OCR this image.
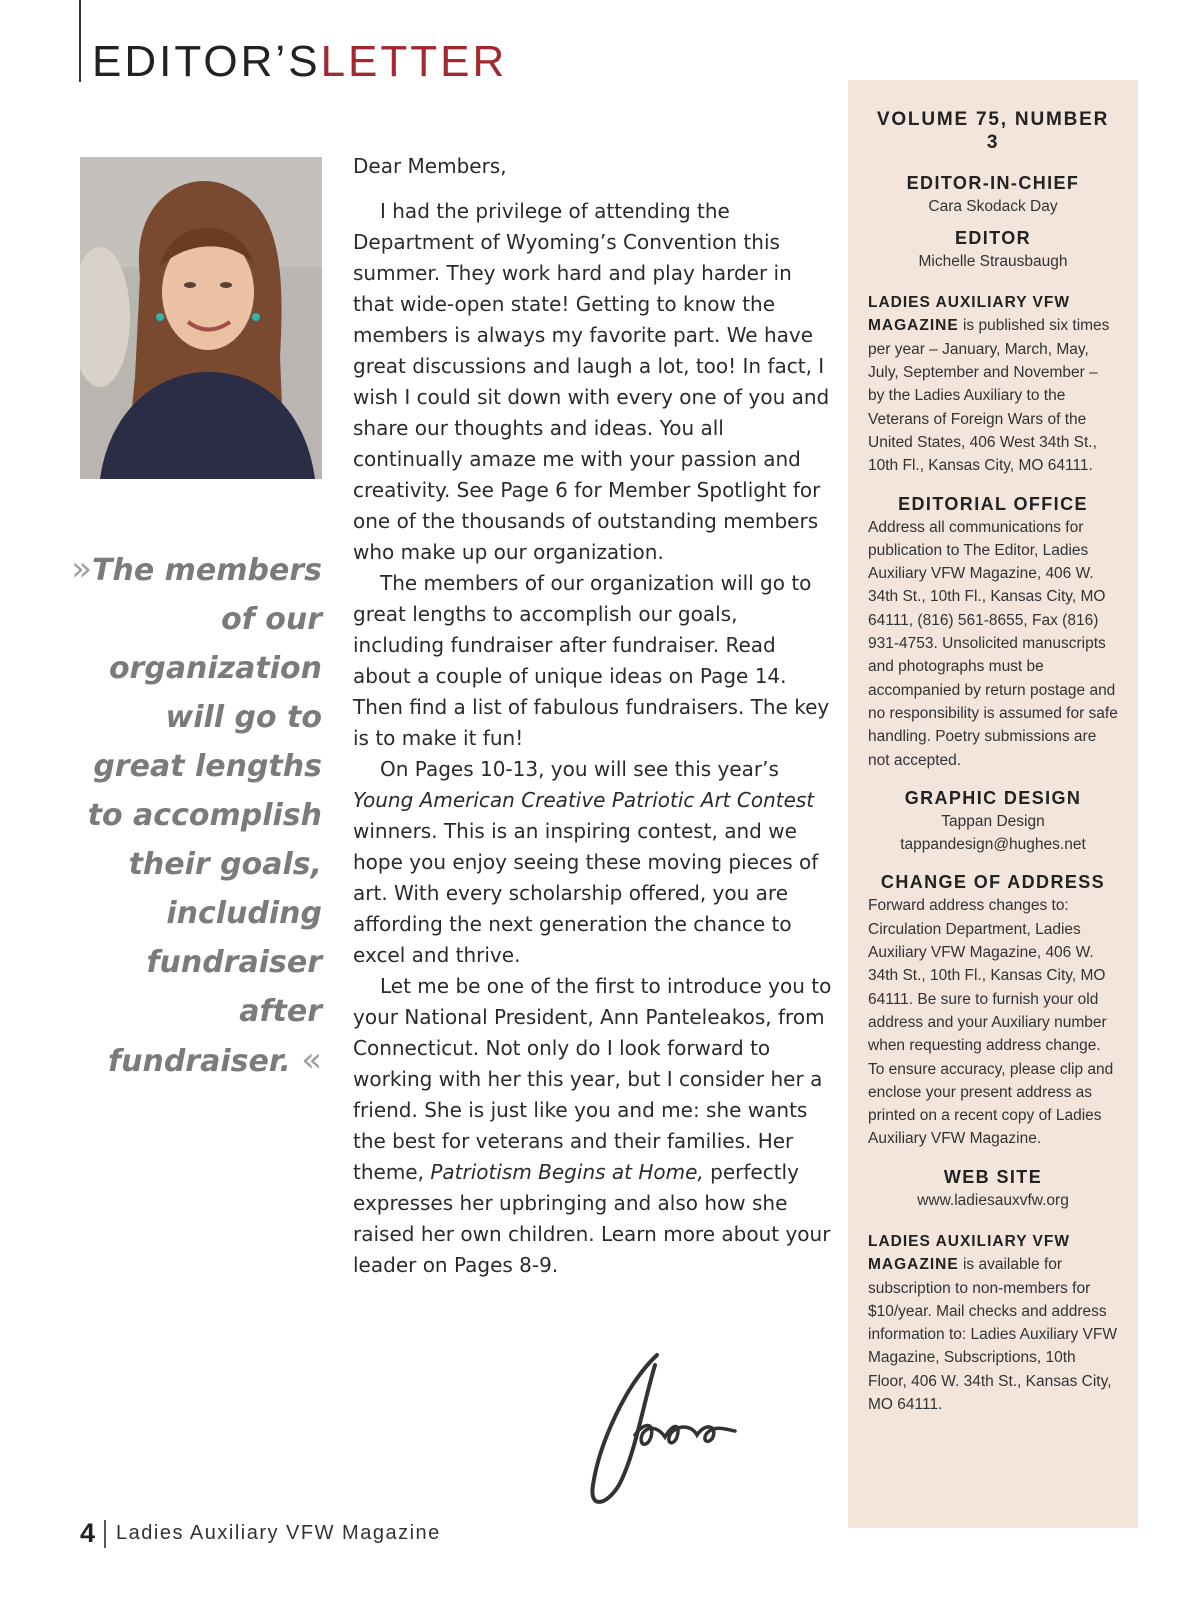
EDITOR’SLETTER
»The members of our organization will go to great lengths to accomplish their goals, including fundraiser after fundraiser. «

Dear Members,

I had the privilege of attending the Department of Wyoming’s Convention this summer. They work hard and play harder in that wide-open state! Getting to know the members is always my favorite part. We have great discussions and laugh a lot, too! In fact, I wish I could sit down with every one of you and share our thoughts and ideas. You all continually amaze me with your passion and creativity. See Page 6 for Member Spotlight for one of the thousands of outstanding members who make up our organization.

The members of our organization will go to great lengths to accomplish our goals, including fundraiser after fundraiser. Read about a couple of unique ideas on Page 14. Then find a list of fabulous fundraisers. The key is to make it fun!

On Pages 10-13, you will see this year’s Young American Creative Patriotic Art Contest winners. This is an inspiring contest, and we hope you enjoy seeing these moving pieces of art. With every scholarship offered, you are affording the next generation the chance to excel and thrive.

Let me be one of the first to introduce you to your National President, Ann Panteleakos, from Connecticut. Not only do I look forward to working with her this year, but I consider her a friend. She is just like you and me: she wants the best for veterans and their families. Her theme, Patriotism Begins at Home, perfectly expresses her upbringing and also how she raised her own children. Learn more about your leader on Pages 8-9.

4 Ladies Auxiliary VFW Magazine
VOLUME 75, NUMBER 3
EDITOR-IN-CHIEF
Cara Skodack Day
EDITOR
Michelle Strausbaugh

LADIES AUXILIARY VFW MAGAZINE is published six times per year – January, March, May, July, September and November – by the Ladies Auxiliary to the Veterans of Foreign Wars of the United States, 406 West 34th St., 10th Fl., Kansas City, MO 64111.

EDITORIAL OFFICE

Address all communications for publication to The Editor, Ladies Auxiliary VFW Magazine, 406 W. 34th St., 10th Fl., Kansas City, MO 64111, (816) 561-8655, Fax (816) 931-4753. Unsolicited manuscripts and photographs must be accompanied by return postage and no responsibility is assumed for safe handling. Poetry submissions are not accepted.

GRAPHIC DESIGN
Tappan Design
tappandesign@hughes.net
CHANGE OF ADDRESS

Forward address changes to: Circulation Department, Ladies Auxiliary VFW Magazine, 406 W. 34th St., 10th Fl., Kansas City, MO 64111. Be sure to furnish your old address and your Auxiliary number when requesting address change. To ensure accuracy, please clip and enclose your present address as printed on a recent copy of Ladies Auxiliary VFW Magazine.

WEB SITE
www.ladiesauxvfw.org

LADIES AUXILIARY VFW MAGAZINE is available for subscription to non-members for $10/year. Mail checks and address information to: Ladies Auxiliary VFW Magazine, Subscriptions, 10th Floor, 406 W. 34th St., Kansas City, MO 64111.
